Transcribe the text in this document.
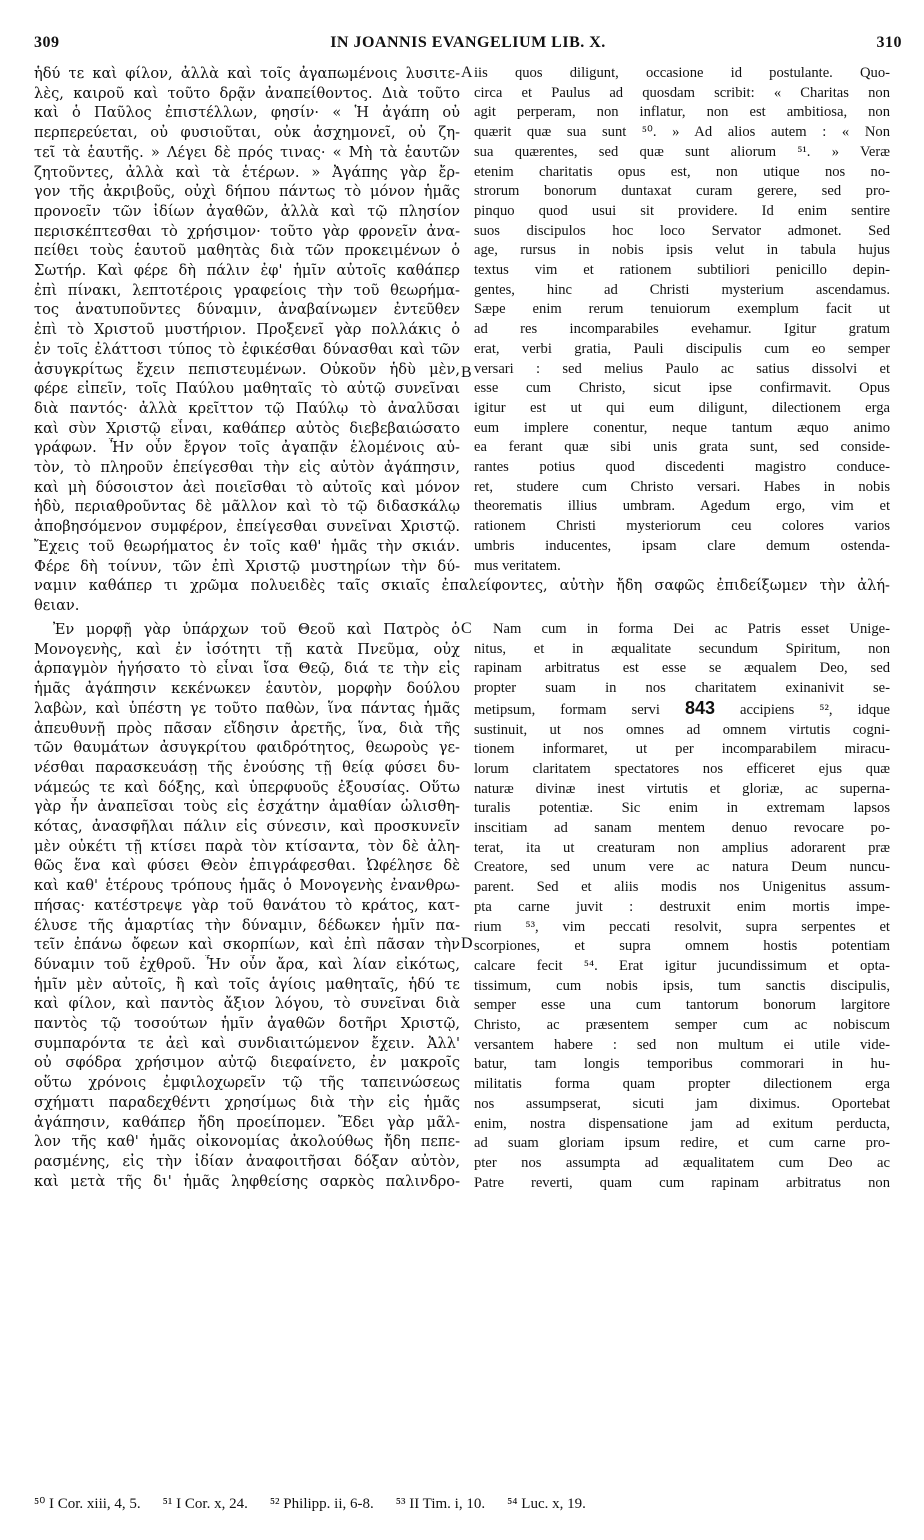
309	IN JOANNIS EVANGELIUM LIB. X.	310
ἡδύ τε καὶ φίλον, ἀλλὰ καὶ τοῖς ἀγαπωμένοις λυσιτε-
λὲς, καιροῦ καὶ τοῦτο δρᾷν ἀναπείθοντος. Διὰ τοῦτο
καὶ ὁ Παῦλος ἐπιστέλλων, φησίν· « Ἡ ἀγάπη οὐ
περπερεύεται, οὐ φυσιοῦται, οὐκ ἀσχημονεῖ, οὐ ζη-
τεῖ τὰ ἑαυτῆς. » Λέγει δὲ πρός τινας· « Μὴ τὰ ἑαυτῶν
ζητοῦντες, ἀλλὰ καὶ τὰ ἑτέρων. » Ἀγάπης γὰρ ἔρ-
γον τῆς ἀκριβοῦς, οὐχὶ δήπου πάντως τὸ μόνον ἡμᾶς
προνοεῖν τῶν ἰδίων ἀγαθῶν, ἀλλὰ καὶ τῷ πλησίον
περισκέπτεσθαι τὸ χρήσιμον· τοῦτο γὰρ φρονεῖν ἀνα-
πείθει τοὺς ἑαυτοῦ μαθητὰς διὰ τῶν προκειμένων ὁ
Σωτήρ. Καὶ φέρε δὴ πάλιν ἐφ' ἡμῖν αὐτοῖς καθάπερ
ἐπὶ πίνακι, λεπτοτέροις γραφείοις τὴν τοῦ θεωρήμα-
τος ἀνατυποῦντες δύναμιν, ἀναβαίνωμεν ἐντεῦθεν
ἐπὶ τὸ Χριστοῦ μυστήριον. Προξενεῖ γὰρ πολλάκις ὁ
ἐν τοῖς ἐλάττοσι τύπος τὸ ἐφικέσθαι δύνασθαι καὶ τῶν
ἀσυγκρίτως ἔχειν πεπιστευμένων. Οὐκοῦν ἡδὺ μὲν,
φέρε εἰπεῖν, τοῖς Παύλου μαθηταῖς τὸ αὐτῷ συνεῖναι
διὰ παντός· ἀλλὰ κρεῖττον τῷ Παύλῳ τὸ ἀναλῦσαι
καὶ σὺν Χριστῷ εἶναι, καθάπερ αὐτὸς διεβεβαιώσατο
γράφων. Ἦν οὖν ἔργον τοῖς ἀγαπᾷν ἑλομένοις αὐ-
τὸν, τὸ πληροῦν ἐπείγεσθαι τὴν εἰς αὐτὸν ἀγάπησιν,
καὶ μὴ δύσοιστον ἀεὶ ποιεῖσθαι τὸ αὐτοῖς καὶ μόνον
ἡδὺ, περιαθροῦντας δὲ μᾶλλον καὶ τὸ τῷ διδασκάλῳ
ἀποβησόμενον συμφέρον, ἐπείγεσθαι συνεῖναι Χριστῷ.
Ἔχεις τοῦ θεωρήματος ἐν τοῖς καθ' ἡμᾶς τὴν σκιάν.
Φέρε δὴ τοίνυν, τῶν ἐπὶ Χριστῷ μυστηρίων τὴν δύ-
iis quos diligunt, occasione id postulante. Quo-
circa et Paulus ad quosdam scribit: « Charitas non
agit perperam, non inflatur, non est ambitiosa, non
quærit quæ sua sunt ⁵⁰. » Ad alios autem : « Non
sua quærentes, sed quæ sunt aliorum ⁵¹. » Veræ
etenim charitatis opus est, non utique nos no-
strorum bonorum duntaxat curam gerere, sed pro-
pinquo quod usui sit providere. Id enim sentire
suos discipulos hoc loco Servator admonet. Sed
age, rursus in nobis ipsis velut in tabula hujus
textus vim et rationem subtiliori penicillo depin-
gentes, hinc ad Christi mysterium ascendamus.
Sæpe enim rerum tenuiorum exemplum facit ut
ad res incomparabiles evehamur. Igitur gratum
erat, verbi gratia, Pauli discipulis cum eo semper
versari : sed melius Paulo ac satius dissolvi et
esse cum Christo, sicut ipse confirmavit. Opus
igitur est ut qui eum diligunt, dilectionem erga
eum implere conentur, neque tantum æquo animo
ea ferant quæ sibi unis grata sunt, sed conside-
rantes potius quod discedenti magistro conduce-
ret, studere cum Christo versari. Habes in nobis
theorematis illius umbram. Agedum ergo, vim et
rationem Christi mysteriorum ceu colores varios
umbris inducentes, ipsam clare demum ostenda-
mus veritatem.
ναμιν καθάπερ τι χρῶμα πολυειδὲς ταῖς σκιαῖς ἐπαλείφοντες, αὐτὴν ἤδη σαφῶς ἐπιδείξωμεν τὴν ἀλή-
θειαν.
Ἐν μορφῇ γὰρ ὑπάρχων τοῦ Θεοῦ καὶ Πατρὸς ὁ
Μονογενὴς, καὶ ἐν ἰσότητι τῇ κατὰ Πνεῦμα, οὐχ
ἁρπαγμὸν ἡγήσατο τὸ εἶναι ἴσα Θεῷ, διά τε τὴν εἰς
ἡμᾶς ἀγάπησιν κεκένωκεν ἑαυτὸν, μορφὴν δούλου
λαβὼν, καὶ ὑπέστη γε τοῦτο παθὼν, ἵνα πάντας ἡμᾶς
ἀπευθυνῇ πρὸς πᾶσαν εἴδησιν ἀρετῆς, ἵνα, διὰ τῆς
τῶν θαυμάτων ἀσυγκρίτου φαιδρότητος, θεωροὺς γε-
νέσθαι παρασκευάσῃ τῆς ἐνούσης τῇ θείᾳ φύσει δυ-
νάμεώς τε καὶ δόξης, καὶ ὑπερφυοῦς ἐξουσίας. Οὕτω
γὰρ ἦν ἀναπεῖσαι τοὺς εἰς ἐσχάτην ἀμαθίαν ὠλισθη-
κότας, ἀνασφῆλαι πάλιν εἰς σύνεσιν, καὶ προσκυνεῖν
μὲν οὐκέτι τῇ κτίσει παρὰ τὸν κτίσαντα, τὸν δὲ ἀλη-
θῶς ἕνα καὶ φύσει Θεὸν ἐπιγράφεσθαι. Ὠφέλησε δὲ
καὶ καθ' ἑτέρους τρόπους ἡμᾶς ὁ Μονογενὴς ἐνανθρω-
πήσας· κατέστρεψε γὰρ τοῦ θανάτου τὸ κράτος, κατ-
έλυσε τῆς ἁμαρτίας τὴν δύναμιν, δέδωκεν ἡμῖν πα-
τεῖν ἐπάνω ὄφεων καὶ σκορπίων, καὶ ἐπὶ πᾶσαν τὴν
δύναμιν τοῦ ἐχθροῦ. Ἦν οὖν ἄρα, καὶ λίαν εἰκότως,
ἡμῖν μὲν αὐτοῖς, ἢ καὶ τοῖς ἁγίοις μαθηταῖς, ἡδύ τε
καὶ φίλον, καὶ παντὸς ἄξιον λόγου, τὸ συνεῖναι διὰ
παντὸς τῷ τοσούτων ἡμῖν ἀγαθῶν δοτῆρι Χριστῷ,
συμπαρόντα τε ἀεὶ καὶ συνδιαιτώμενον ἔχειν. Ἀλλ'
οὐ σφόδρα χρήσιμον αὐτῷ διεφαίνετο, ἐν μακροῖς
οὕτω χρόνοις ἐμφιλοχωρεῖν τῷ τῆς ταπεινώσεως
σχήματι παραδεχθέντι χρησίμως διὰ τὴν εἰς ἡμᾶς
ἀγάπησιν, καθάπερ ἤδη προείπομεν. Ἔδει γὰρ μᾶλ-
λον τῆς καθ' ἡμᾶς οἰκονομίας ἀκολούθως ἤδη πεπε-
ρασμένης, εἰς τὴν ἰδίαν ἀναφοιτῆσαι δόξαν αὐτὸν,
καὶ μετὰ τῆς δι' ἡμᾶς ληφθείσης σαρκὸς παλινδρο-
Nam cum in forma Dei ac Patris esset Unige-
nitus, et in æqualitate secundum Spiritum, non
rapinam arbitratus est esse se æqualem Deo, sed
propter suam in nos charitatem exinanivit se-
metipsum, formam servi 843 accipiens ⁵², idque
sustinuit, ut nos omnes ad omnem virtutis cogni-
tionem informaret, ut per incomparabilem miracu-
lorum claritatem spectatores nos efficeret ejus quæ
naturæ divinæ inest virtutis et gloriæ, ac superna-
turalis potentiæ. Sic enim in extremam lapsos
inscitiam ad sanam mentem denuo revocare po-
terat, ita ut creaturam non amplius adorarent præ
Creatore, sed unum vere ac natura Deum nuncu-
parent. Sed et aliis modis nos Unigenitus assum-
pta carne juvit : destruxit enim mortis impe-
rium ⁵³, vim peccati resolvit, supra serpentes et
scorpiones, et supra omnem hostis potentiam
calcare fecit ⁵⁴. Erat igitur jucundissimum et opta-
tissimum, cum nobis ipsis, tum sanctis discipulis,
semper esse una cum tantorum bonorum largitore
Christo, ac præsentem semper cum ac nobiscum
versantem habere : sed non multum ei utile vide-
batur, tam longis temporibus commorari in hu-
militatis forma quam propter dilectionem erga
nos assumpserat, sicuti jam diximus. Oportebat
enim, nostra dispensatione jam ad exitum perducta,
ad suam gloriam ipsum redire, et cum carne pro-
pter nos assumpta ad æqualitatem cum Deo ac
Patre reverti, quam cum rapinam arbitratus non
A
B
C
D
⁵⁰ I Cor. xiii, 4, 5. ⁵¹ I Cor. x, 24. ⁵² Philipp. ii, 6-8. ⁵³ II Tim. i, 10. ⁵⁴ Luc. x, 19.
